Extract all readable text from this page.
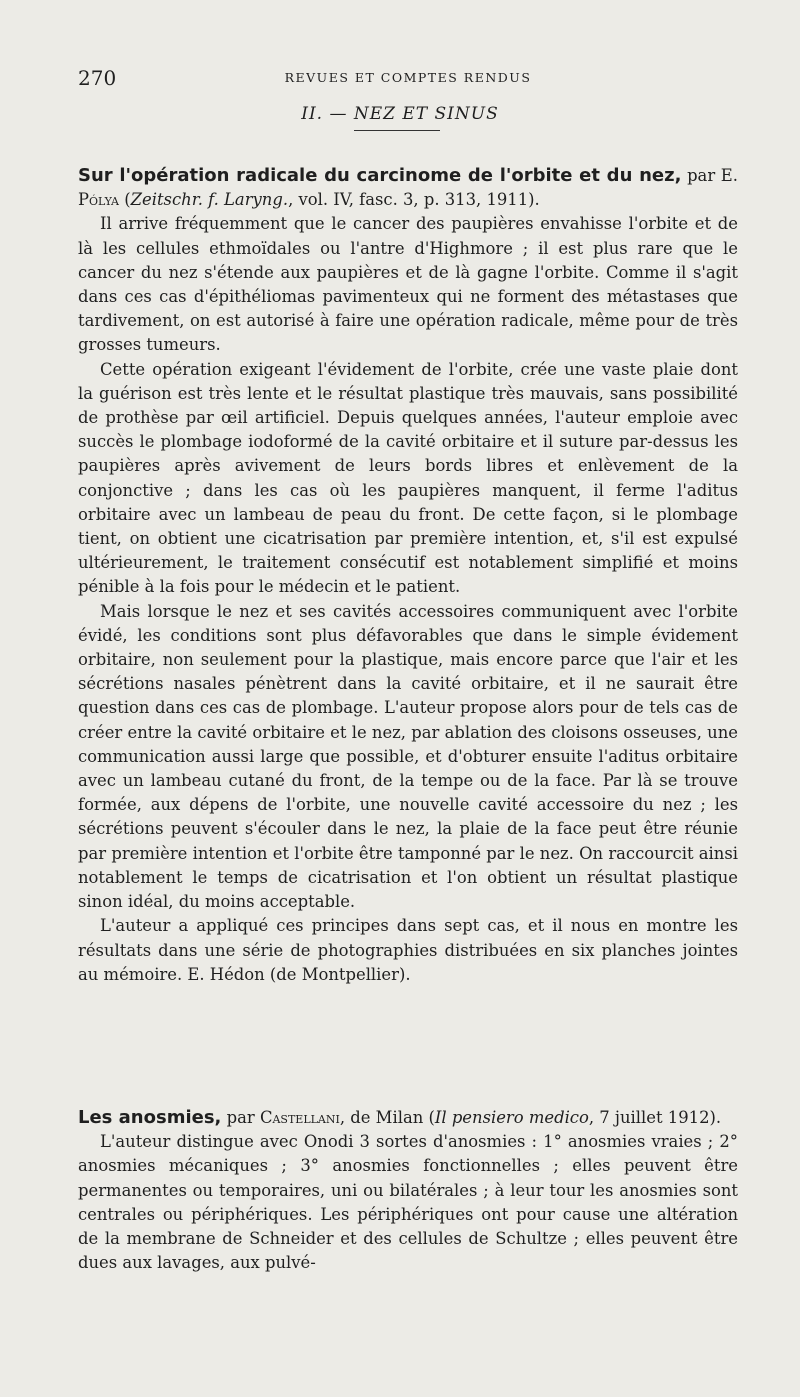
270	REVUES ET COMPTES RENDUS
II. — NEZ ET SINUS

Sur l'opération radicale du carcinome de l'orbite et du nez, par E. Pólya (Zeitschr. f. Laryng., vol. IV, fasc. 3, p. 313, 1911).

Il arrive fréquemment que le cancer des paupières envahisse l'orbite et de là les cellules ethmoïdales ou l'antre d'Highmore ; il est plus rare que le cancer du nez s'étende aux paupières et de là gagne l'orbite. Comme il s'agit dans ces cas d'épithéliomas pavimenteux qui ne forment des métastases que tardivement, on est autorisé à faire une opération radicale, même pour de très grosses tumeurs.

Cette opération exigeant l'évidement de l'orbite, crée une vaste plaie dont la guérison est très lente et le résultat plastique très mauvais, sans possibilité de prothèse par œil artificiel. Depuis quelques années, l'auteur emploie avec succès le plombage iodoformé de la cavité orbitaire et il suture par-dessus les paupières après avivement de leurs bords libres et enlèvement de la conjonctive ; dans les cas où les paupières manquent, il ferme l'aditus orbitaire avec un lambeau de peau du front. De cette façon, si le plombage tient, on obtient une cicatrisation par première intention, et, s'il est expulsé ultérieurement, le traitement consécutif est notablement simplifié et moins pénible à la fois pour le médecin et le patient.

Mais lorsque le nez et ses cavités accessoires communiquent avec l'orbite évidé, les conditions sont plus défavorables que dans le simple évidement orbitaire, non seulement pour la plastique, mais encore parce que l'air et les sécrétions nasales pénètrent dans la cavité orbitaire, et il ne saurait être question dans ces cas de plombage. L'auteur propose alors pour de tels cas de créer entre la cavité orbitaire et le nez, par ablation des cloisons osseuses, une communication aussi large que possible, et d'obturer ensuite l'aditus orbitaire avec un lambeau cutané du front, de la tempe ou de la face. Par là se trouve formée, aux dépens de l'orbite, une nouvelle cavité accessoire du nez ; les sécrétions peuvent s'écouler dans le nez, la plaie de la face peut être réunie par première intention et l'orbite être tamponné par le nez. On raccourcit ainsi notablement le temps de cicatrisation et l'on obtient un résultat plastique sinon idéal, du moins acceptable.

L'auteur a appliqué ces principes dans sept cas, et il nous en montre les résultats dans une série de photographies distribuées en six planches jointes au mémoire. E. Hédon (de Montpellier).

Les anosmies, par Castellani, de Milan (Il pensiero medico, 7 juillet 1912).

L'auteur distingue avec Onodi 3 sortes d'anosmies : 1° anosmies vraies ; 2° anosmies mécaniques ; 3° anosmies fonctionnelles ; elles peuvent être permanentes ou temporaires, uni ou bilatérales ; à leur tour les anosmies sont centrales ou périphériques. Les périphériques ont pour cause une altération de la membrane de Schneider et des cellules de Schultze ; elles peuvent être dues aux lavages, aux pulvé-
